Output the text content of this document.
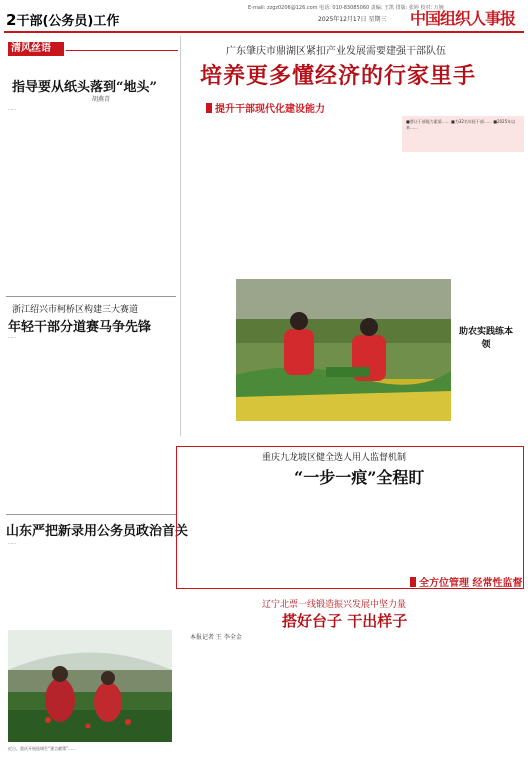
2干部(公务员)工作
E-mail: zzgz0206@126.com 电话: 010-83085060 责编: 王凯 排版: 张婷 校对: 万婉
2025年12月17日 星期三 中国组织人事报
清风丝语
指导要从纸头落到“地头”
胡燕青
……
浙江绍兴市柯桥区构建三大赛道
年轻干部分道赛马争先锋
……
山东严把新录用公务员政治首关
……
近日，重庆开展选调生“建言献策”……
广东肇庆市鼎湖区紧扣产业发展需要建强干部队伍
培养更多懂经济的行家里手
提升干部现代化建设能力
■要让干部能力素质…… ■为32名年轻干部…… ■2025年以来……
助农实践练本领
重庆九龙坡区健全选人用人监督机制
“一步一痕”全程盯
全方位管理 经常性监督
辽宁北票一线锻造振兴发展中坚力量
搭好台子 干出样子
本报记者 王 李全金
